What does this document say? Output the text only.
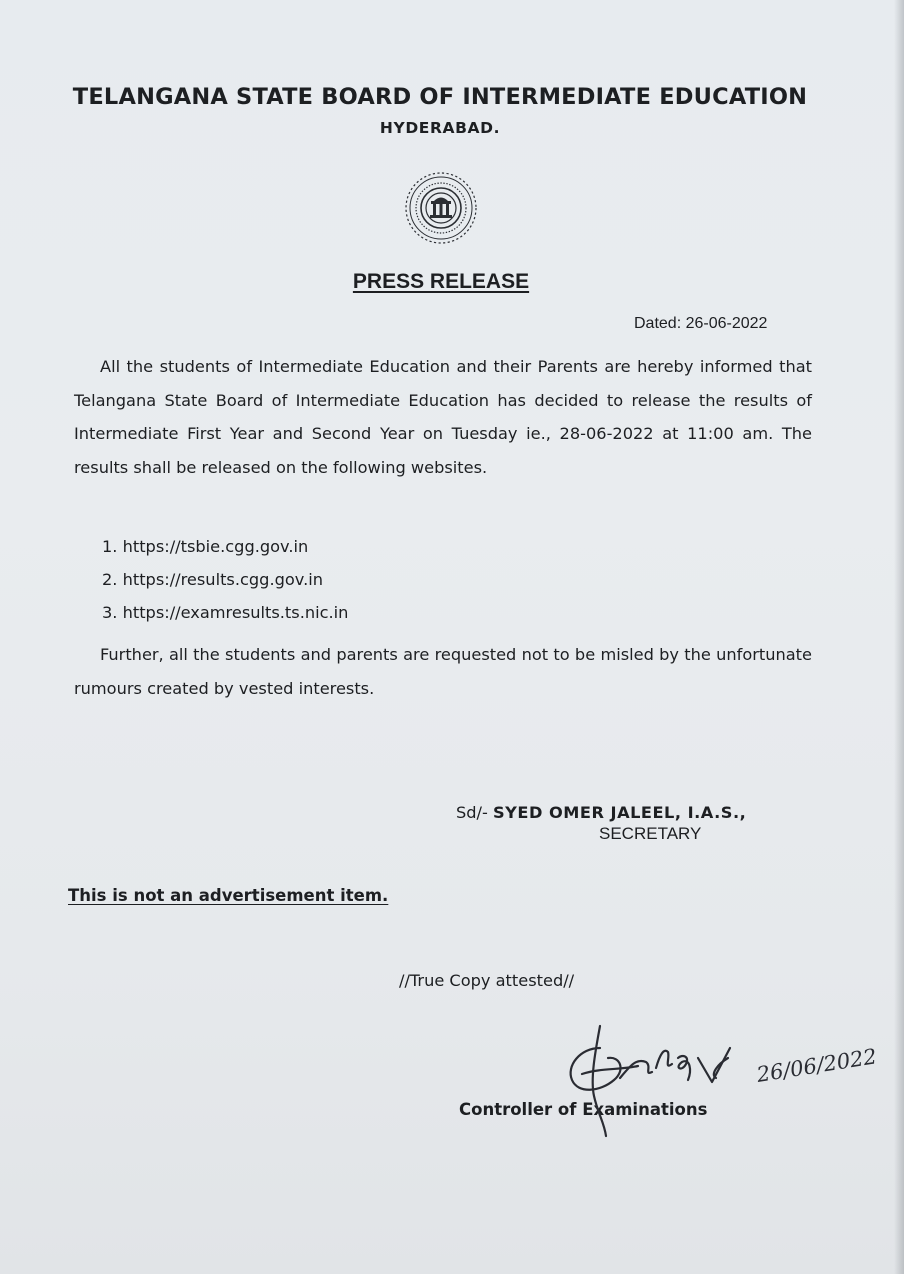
TELANGANA STATE BOARD OF INTERMEDIATE EDUCATION
HYDERABAD.
PRESS RELEASE
Dated: 26-06-2022

All the students of Intermediate Education and their Parents are hereby informed that Telangana State Board of Intermediate Education has decided to release the results of Intermediate First Year and Second Year on Tuesday ie., 28-06-2022 at 11:00 am. The results shall be released on the following websites.

1. https://tsbie.cgg.gov.in
2. https://results.cgg.gov.in
3. https://examresults.ts.nic.in

Further, all the students and parents are requested not to be misled by the unfortunate rumours created by vested interests.

Sd/- SYED OMER JALEEL, I.A.S.,
SECRETARY
This is not an advertisement item.
//True Copy attested//
Controller of Examinations
26/06/2022
